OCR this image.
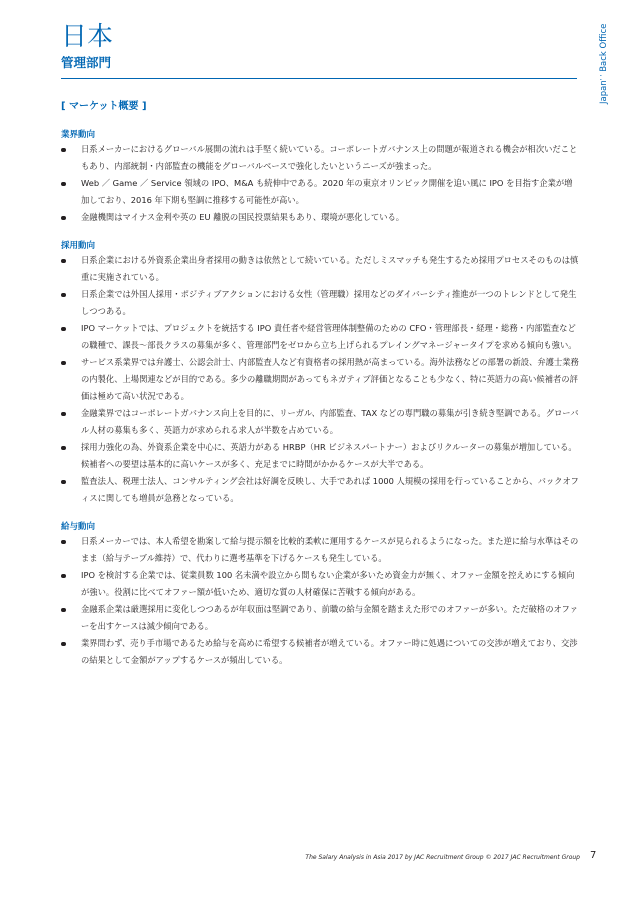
日本
管理部門	Japan：Back Office
[ マーケット概要 ]
業界動向
日系メーカーにおけるグローバル展開の流れは手堅く続いている。コーポレートガバナンス上の問題が報道される機会が相次いだこともあり、内部統制・内部監査の機能をグローバルベースで強化したいというニーズが強まった。
Web ／ Game ／ Service 領域の IPO、M&A も続伸中である。2020 年の東京オリンピック開催を追い風に IPO を目指す企業が増加しており、2016 年下期も堅調に推移する可能性が高い。
金融機関はマイナス金利や英の EU 離脱の国民投票結果もあり、環境が悪化している。
採用動向
日系企業における外資系企業出身者採用の動きは依然として続いている。ただしミスマッチも発生するため採用プロセスそのものは慎重に実施されている。
日系企業では外国人採用・ポジティブアクションにおける女性（管理職）採用などのダイバーシティ推進が一つのトレンドとして発生しつつある。
IPO マーケットでは、プロジェクトを統括する IPO 責任者や経営管理体制整備のための CFO・管理部長・経理・総務・内部監査などの職種で、課長〜部長クラスの募集が多く、管理部門をゼロから立ち上げられるプレイングマネージャータイプを求める傾向も強い。
サービス系業界では弁護士、公認会計士、内部監査人など有資格者の採用熱が高まっている。海外法務などの部署の新設、弁護士業務の内製化、上場関連などが目的である。多少の離職期間があってもネガティブ評価となることも少なく、特に英語力の高い候補者の評価は極めて高い状況である。
金融業界ではコーポレートガバナンス向上を目的に、リーガル、内部監査、TAX などの専門職の募集が引き続き堅調である。グローバル人材の募集も多く、英語力が求められる求人が半数を占めている。
採用力強化の為、外資系企業を中心に、英語力がある HRBP（HR ビジネスパートナー）およびリクルーターの募集が増加している。候補者への要望は基本的に高いケースが多く、充足までに時間がかかるケースが大半である。
監査法人、税理士法人、コンサルティング会社は好調を反映し、大手であれば 1000 人規模の採用を行っていることから、バックオフィスに関しても増員が急務となっている。
給与動向
日系メーカーでは、本人希望を勘案して給与提示額を比較的柔軟に運用するケースが見られるようになった。また逆に給与水準はそのまま（給与テーブル維持）で、代わりに選考基準を下げるケースも発生している。
IPO を検討する企業では、従業員数 100 名未満や設立から間もない企業が多いため資金力が無く、オファー金額を控えめにする傾向が強い。役割に比べてオファー額が低いため、適切な質の人材確保に苦戦する傾向がある。
金融系企業は厳選採用に変化しつつあるが年収面は堅調であり、前職の給与金額を踏まえた形でのオファーが多い。ただ破格のオファーを出すケースは減少傾向である。
業界問わず、売り手市場であるため給与を高めに希望する候補者が増えている。オファー時に処遇についての交渉が増えており、交渉の結果として金額がアップするケースが頻出している。
The Salary Analysis in Asia 2017 by JAC Recruitment Group © 2017 JAC Recruitment Group 7
